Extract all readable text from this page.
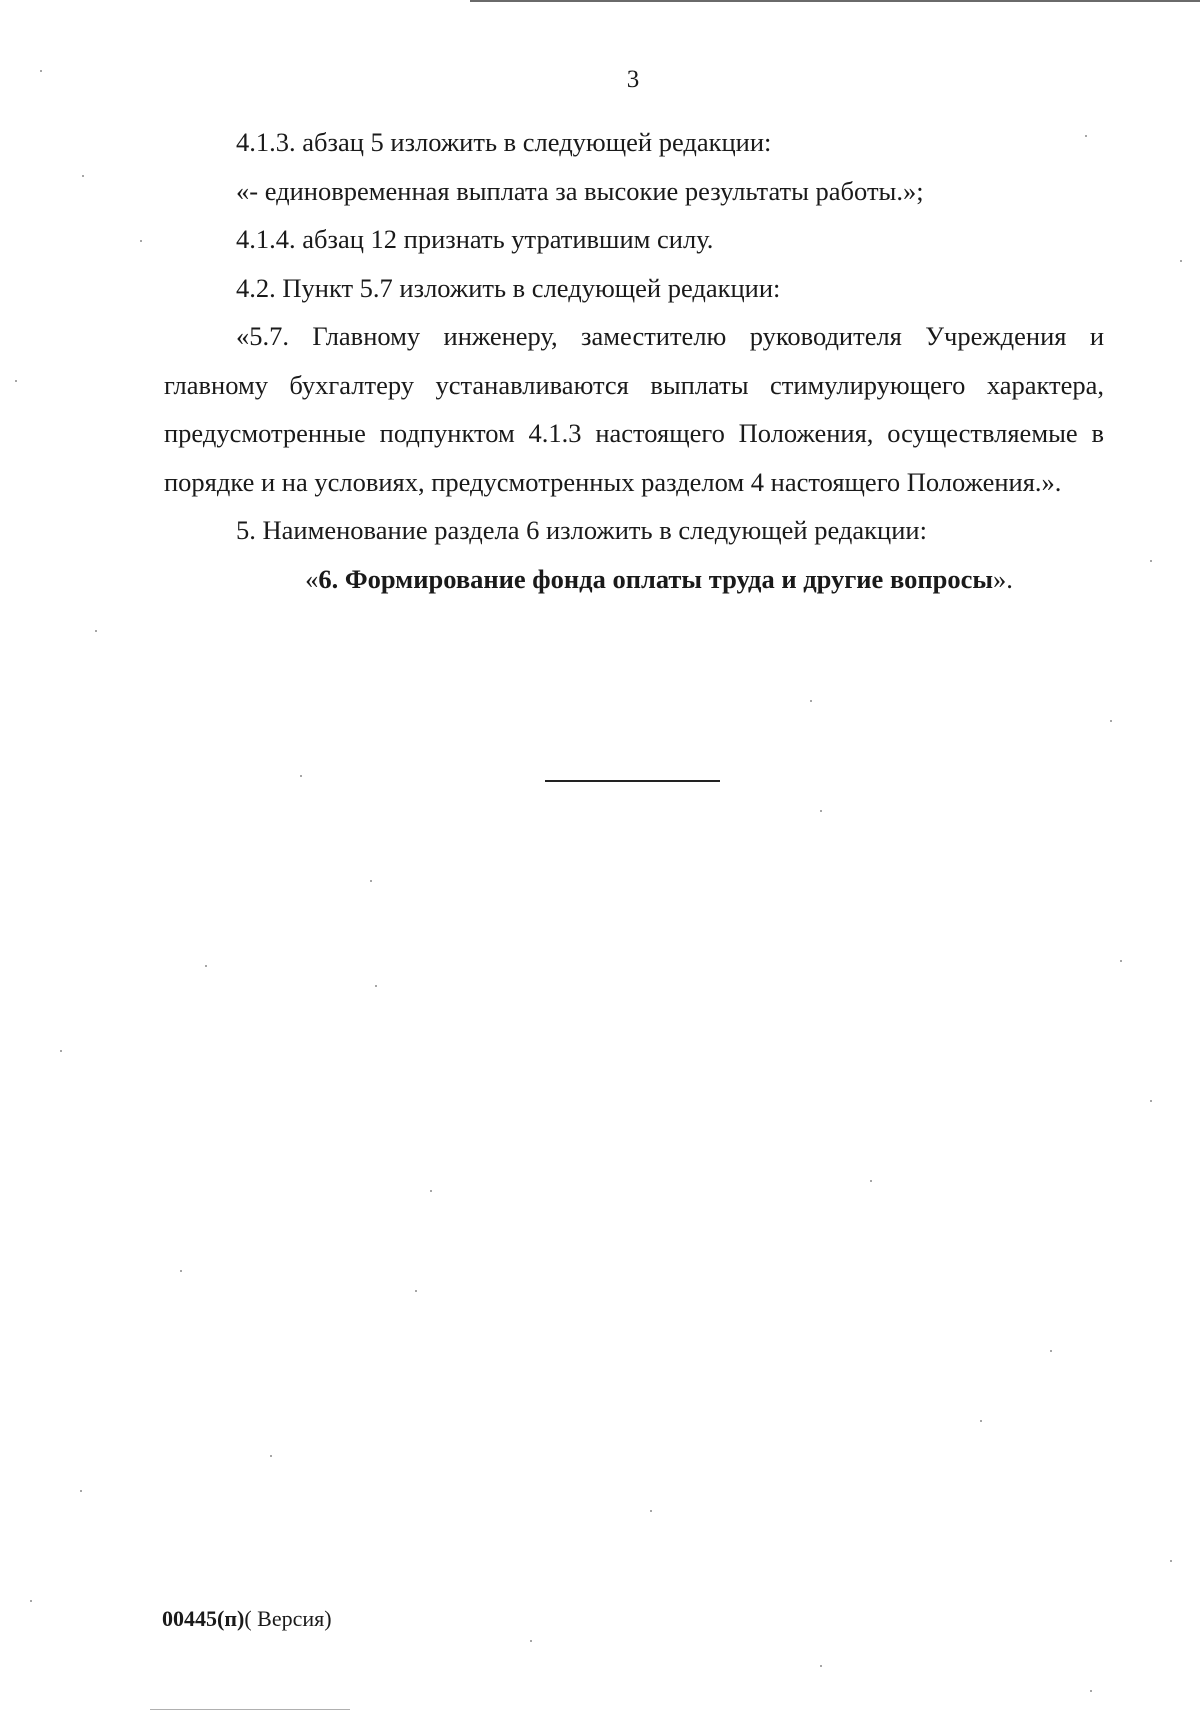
3

4.1.3. абзац 5 изложить в следующей редакции:

«- единовременная выплата за высокие результаты работы.»;

4.1.4. абзац 12 признать утратившим силу.

4.2. Пункт 5.7 изложить в следующей редакции:

«5.7. Главному инженеру, заместителю руководителя Учреждения и главному бухгалтеру устанавливаются выплаты стимулирующего характера, предусмотренные подпунктом 4.1.3 настоящего Положения, осуществляемые в порядке и на условиях, предусмотренных разделом 4 настоящего Положения.».

5. Наименование раздела 6 изложить в следующей редакции:

«6. Формирование фонда оплаты труда и другие вопросы».

00445(п)( Версия)
